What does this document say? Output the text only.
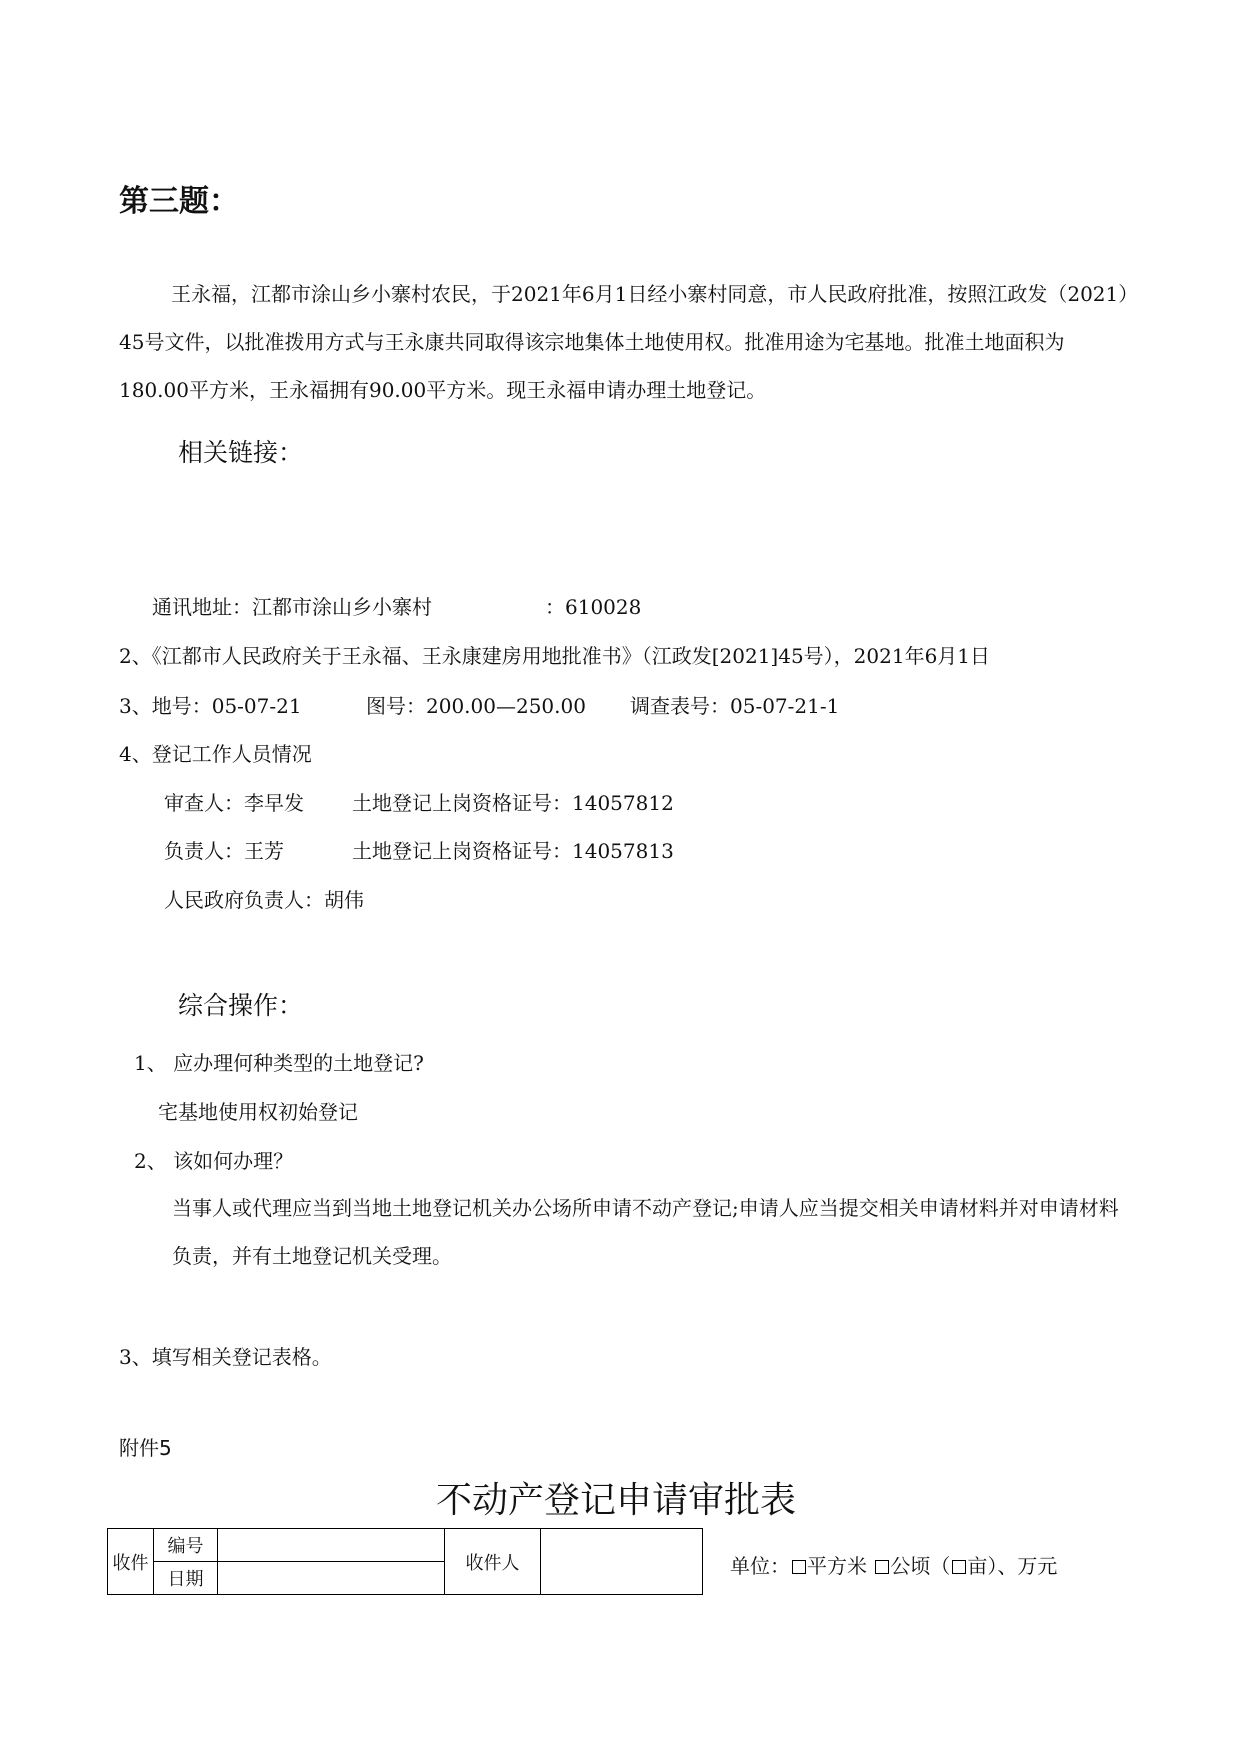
第三题：
王永福，江都市涂山乡小寨村农民，于2021年6月1日经小寨村同意，市人民政府批准，按照江政发（2021）45号文件，以批准拨用方式与王永康共同取得该宗地集体土地使用权。批准用途为宅基地。批准土地面积为180.00平方米，王永福拥有90.00平方米。现王永福申请办理土地登记。
相关链接：
通讯地址：江都市涂山乡小寨村	：610028
2、《江都市人民政府关于王永福、王永康建房用地批准书》（江政发[2021]45号），2021年6月1日
3、地号：05-07-21	图号：200.00—250.00 调查表号：05-07-21-1
4、登记工作人员情况
审查人：李早发 土地登记上岗资格证号：14057812
负责人：王芳	土地登记上岗资格证号：14057813
人民政府负责人：胡伟
综合操作：
1、 应办理何种类型的土地登记?
宅基地使用权初始登记
2、 该如何办理？
当事人或代理应当到当地土地登记机关办公场所申请不动产登记;申请人应当提交相关申请材料并对申请材料负责，并有土地登记机关受理。
3、填写相关登记表格。
附件5
不动产登记申请审批表
收件	编号		收件人	
	日期			
单位： 平方米 公顷（ 亩）、万元
